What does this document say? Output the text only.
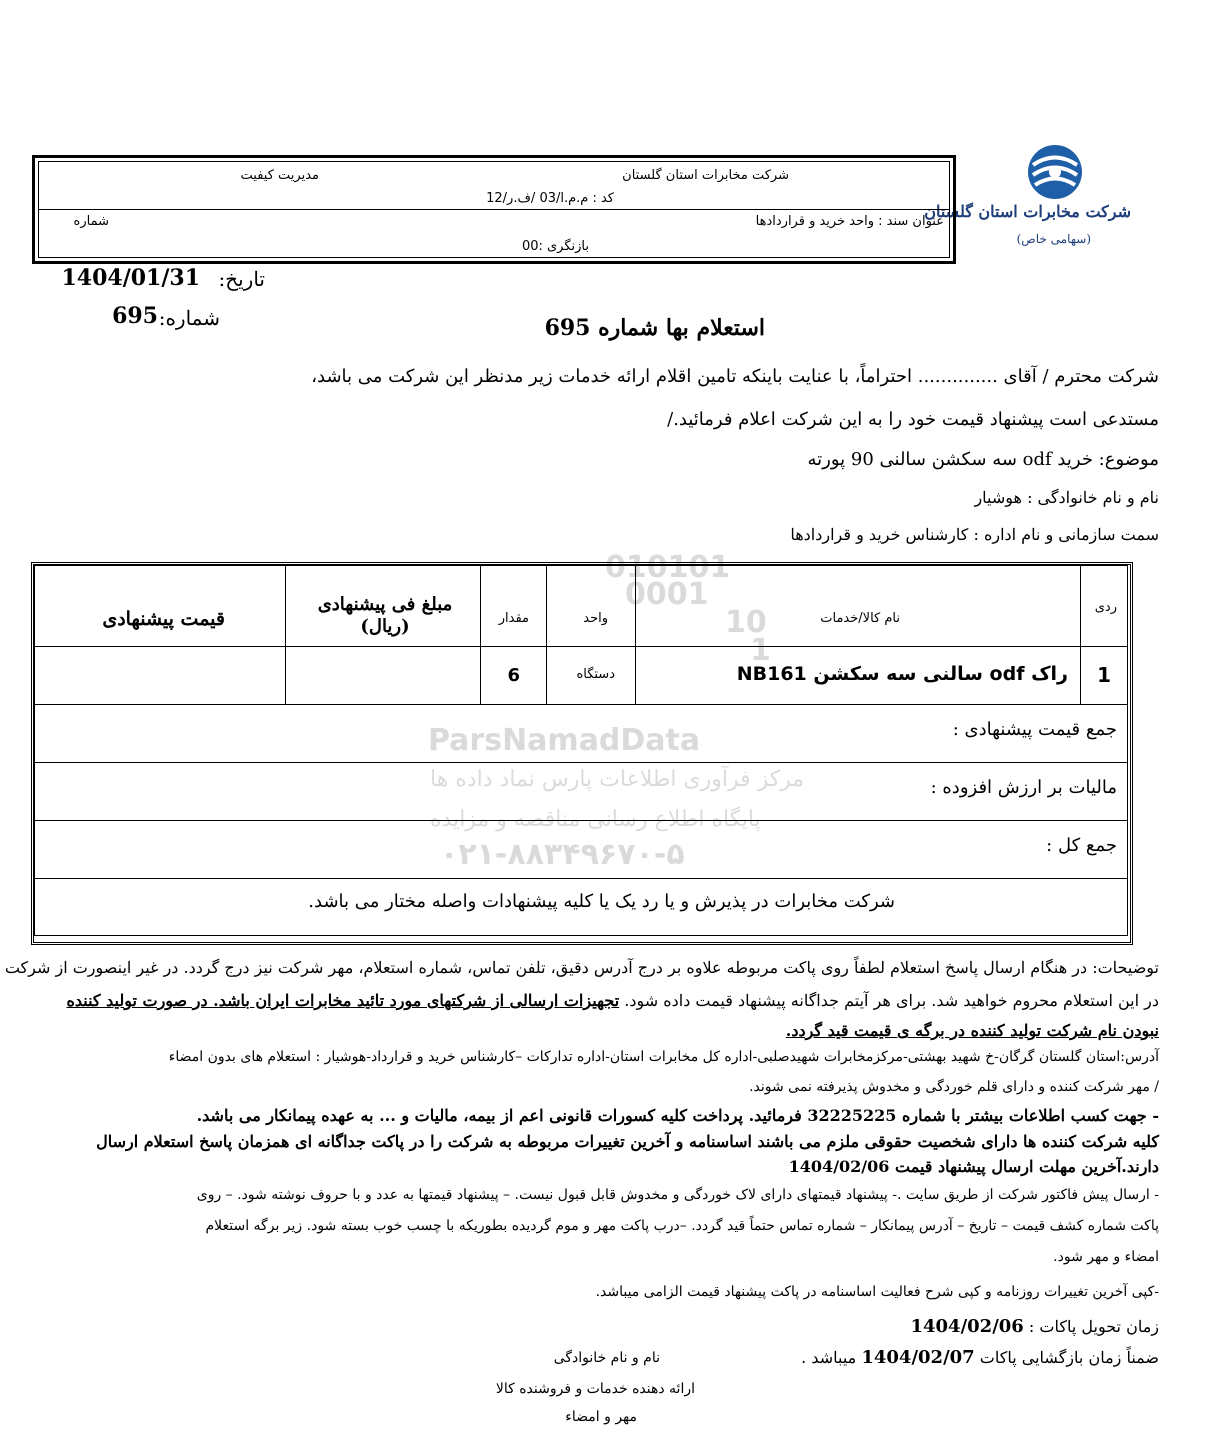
شرکت مخابرات استان گلستان
(سهامی خاص)
شرکت مخابرات استان گلستان
مدیریت کیفیت
کد : م.م.ا/03 /ف.ر/12
عنوان سند : واحد خرید و قراردادها
شماره
بازنگری :00
تاریخ:
1404/01/31
شماره:
695	استعلام بها شماره 695
شرکت محترم / آقای .............. احتراماً، با عنایت باینکه تامین اقلام ارائه خدمات زیر مدنظر این شرکت می باشد،
مستدعی است پیشنهاد قیمت خود را به این شرکت اعلام فرمائید./
موضوع: خرید odf سه سکشن سالنی 90 پورته
نام و نام خانوادگی : هوشیار
سمت سازمانی و نام اداره : کارشناس خرید و قراردادها
ردی
نام کالا/خدمات
واحد
مقدار
مبلغ فی پیشنهادی (ریال)
قیمت پیشنهادی
1
راک odf سالنی سه سکشن NB161
دستگاه
6
جمع قیمت پیشنهادی :
مالیات بر ارزش افزوده :
جمع کل :
شرکت مخابرات در پذیرش و یا رد یک یا کلیه پیشنهادات واصله مختار می باشد.
010101
0001
10
1
ParsNamadData
مرکز فرآوری اطلاعات پارس نماد داده ها
پایگاه اطلاع رسانی مناقصه و مزایده
۰۲۱-۸۸۳۴۹۶۷۰-۵
توضیحات: در هنگام ارسال پاسخ استعلام لطفاً روی پاکت مربوطه علاوه بر درج آدرس دقیق، تلفن تماس، شماره استعلام، مهر شرکت نیز درج گردد. در غیر اینصورت از شرکت
در این استعلام محروم خواهید شد. برای هر آیتم جداگانه پیشنهاد قیمت داده شود. تجهیزات ارسالی از شرکتهای مورد تائید مخابرات ایران باشد. در صورت تولید کننده
نبودن نام شرکت تولید کننده در برگه ی قیمت قید گردد.
آدرس:استان گلستان گرگان-خ شهید بهشتی-مرکزمخابرات شهیدصلبی-اداره کل مخابرات استان-اداره تدارکات –کارشناس خرید و قرارداد-هوشیار : استعلام های بدون امضاء
/ مهر شرکت کننده و دارای قلم خوردگی و مخدوش پذیرفته نمی شوند.
- جهت کسب اطلاعات بیشتر با شماره 32225225 فرمائید. پرداخت کلیه کسورات قانونی اعم از بیمه، مالیات و ... به عهده پیمانکار می باشد.
کلیه شرکت کننده ها دارای شخصیت حقوقی ملزم می باشند اساسنامه و آخرین تغییرات مربوطه به شرکت را در پاکت جداگانه ای همزمان پاسخ استعلام ارسال
دارند.آخرین مهلت ارسال پیشنهاد قیمت 1404/02/06
- ارسال پیش فاکتور شرکت از طریق سایت .- پیشنهاد قیمتهای دارای لاک خوردگی و مخدوش قابل قبول نیست. – پیشنهاد قیمتها به عدد و با حروف نوشته شود. – روی
پاکت شماره کشف قیمت – تاریخ – آدرس پیمانکار – شماره تماس حتماً قید گردد. –درب پاکت مهر و موم گردیده بطوریکه با چسب خوب بسته شود. زیر برگه استعلام
امضاء و مهر شود.
-کپی آخرین تغییرات روزنامه و کپی شرح فعالیت اساسنامه در پاکت پیشنهاد قیمت الزامی میباشد.
زمان تحویل پاکات : 1404/02/06
ضمناً زمان بازگشایی پاکات 1404/02/07 میباشد .
نام و نام خانوادگی
ارائه دهنده خدمات و فروشنده کالا
مهر و امضاء
